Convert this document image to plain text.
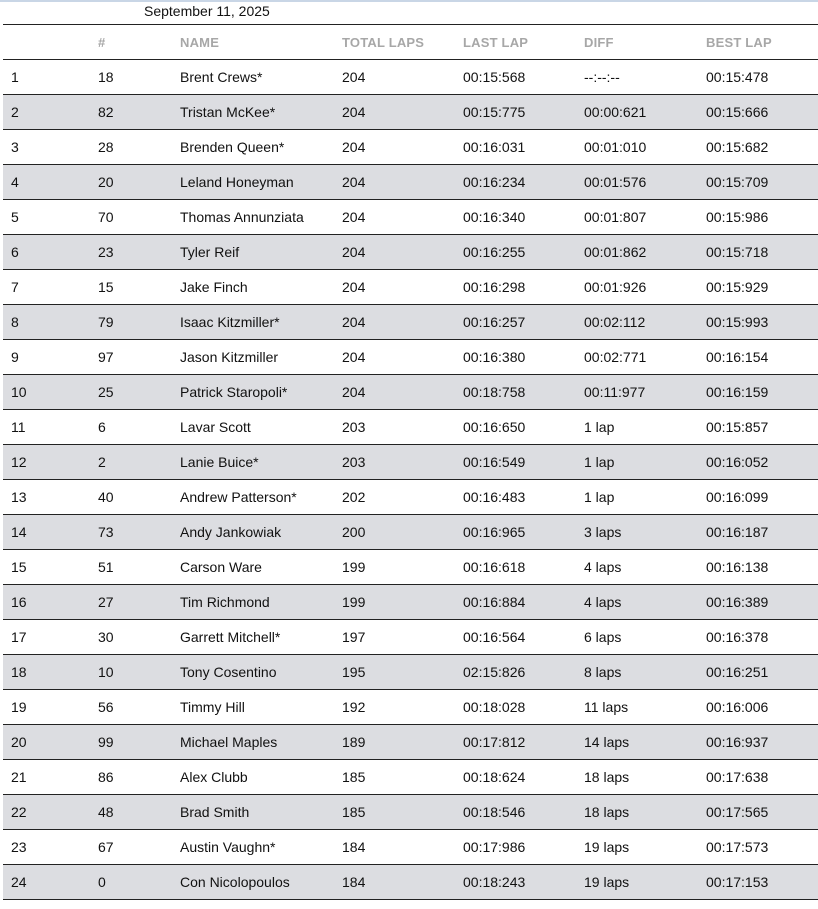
September 11, 2025
	#	NAME	TOTAL LAPS	LAST LAP	DIFF	BEST LAP
1	18	Brent Crews*	204	00:15:568	--:--:--	00:15:478
2	82	Tristan McKee*	204	00:15:775	00:00:621	00:15:666
3	28	Brenden Queen*	204	00:16:031	00:01:010	00:15:682
4	20	Leland Honeyman	204	00:16:234	00:01:576	00:15:709
5	70	Thomas Annunziata	204	00:16:340	00:01:807	00:15:986
6	23	Tyler Reif	204	00:16:255	00:01:862	00:15:718
7	15	Jake Finch	204	00:16:298	00:01:926	00:15:929
8	79	Isaac Kitzmiller*	204	00:16:257	00:02:112	00:15:993
9	97	Jason Kitzmiller	204	00:16:380	00:02:771	00:16:154
10	25	Patrick Staropoli*	204	00:18:758	00:11:977	00:16:159
11	6	Lavar Scott	203	00:16:650	1 lap	00:15:857
12	2	Lanie Buice*	203	00:16:549	1 lap	00:16:052
13	40	Andrew Patterson*	202	00:16:483	1 lap	00:16:099
14	73	Andy Jankowiak	200	00:16:965	3 laps	00:16:187
15	51	Carson Ware	199	00:16:618	4 laps	00:16:138
16	27	Tim Richmond	199	00:16:884	4 laps	00:16:389
17	30	Garrett Mitchell*	197	00:16:564	6 laps	00:16:378
18	10	Tony Cosentino	195	02:15:826	8 laps	00:16:251
19	56	Timmy Hill	192	00:18:028	11 laps	00:16:006
20	99	Michael Maples	189	00:17:812	14 laps	00:16:937
21	86	Alex Clubb	185	00:18:624	18 laps	00:17:638
22	48	Brad Smith	185	00:18:546	18 laps	00:17:565
23	67	Austin Vaughn*	184	00:17:986	19 laps	00:17:573
24	0	Con Nicolopoulos	184	00:18:243	19 laps	00:17:153
